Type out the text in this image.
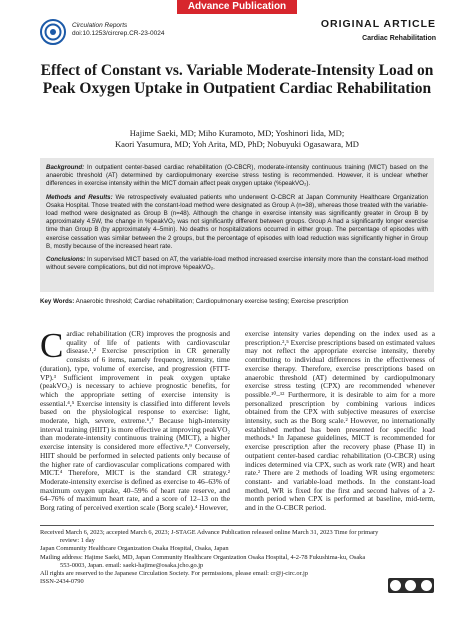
Advance Publication
Circulation Reports
doi:10.1253/circrep.CR-23-0024
ORIGINAL ARTICLE
Cardiac Rehabilitation
Effect of Constant vs. Variable Moderate-Intensity Load on Peak Oxygen Uptake in Outpatient Cardiac Rehabilitation
Hajime Saeki, MD; Miho Kuramoto, MD; Yoshinori Iida, MD;
Kaori Yasumura, MD; Yoh Arita, MD, PhD; Nobuyuki Ogasawara, MD

Background: In outpatient center-based cardiac rehabilitation (O-CBCR), moderate-intensity continuous training (MICT) based on the anaerobic threshold (AT) determined by cardiopulmonary exercise stress testing is recommended. However, it is unclear whether differences in exercise intensity within the MICT domain affect peak oxygen uptake (%peakVO₂).

Methods and Results: We retrospectively evaluated patients who underwent O-CBCR at Japan Community Healthcare Organization Osaka Hospital. Those treated with the constant-load method were designated as Group A (n=38), whereas those treated with the variable-load method were designated as Group B (n=48). Although the change in exercise intensity was significantly greater in Group B by approximately 4.5W, the change in %peakVO₂ was not significantly different between groups. Group A had a significantly longer exercise time than Group B (by approximately 4–5min). No deaths or hospitalizations occurred in either group. The percentage of episodes with exercise cessation was similar between the 2 groups, but the percentage of episodes with load reduction was significantly higher in Group B, mostly because of the increased heart rate.

Conclusions: In supervised MICT based on AT, the variable-load method increased exercise intensity more than the constant-load method without severe complications, but did not improve %peakVO₂.

Key Words: Anaerobic threshold; Cardiac rehabilitation; Cardiopulmonary exercise testing; Exercise prescription

Cardiac rehabilitation (CR) improves the prognosis and quality of life of patients with cardiovascular disease.¹,² Exercise prescription in CR generally consists of 6 items, namely frequency, intensity, time (duration), type, volume of exercise, and progression (FITT-VP).³ Sufficient improvement in peak oxygen uptake (peakVO₂) is necessary to achieve prognostic benefits, for which the appropriate setting of exercise intensity is essential.⁴,⁵ Exercise intensity is classified into different levels based on the physiological response to exercise: light, moderate, high, severe, extreme.⁶,⁷ Because high-intensity interval training (HIIT) is more effective at improving peakVO₂ than moderate-intensity continuous training (MICT), a higher exercise intensity is considered more effective.⁸,⁹ Conversely, HIIT should be performed in selected patients only because of the higher rate of cardiovascular complications compared with MICT.⁴ Therefore, MICT is the standard CR strategy.² Moderate-intensity exercise is defined as exercise to 46–63% of maximum oxygen uptake, 40–59% of heart rate reserve, and 64–76% of maximum heart rate, and a score of 12–13 on the Borg rating of perceived exertion scale (Borg scale).⁴ However,

exercise intensity varies depending on the index used as a prescription.²,⁵ Exercise prescriptions based on estimated values may not reflect the appropriate exercise intensity, thereby contributing to individual differences in the effectiveness of exercise therapy. Therefore, exercise prescriptions based on anaerobic threshold (AT) determined by cardiopulmonary exercise stress testing (CPX) are recommended whenever possible.¹⁰–¹² Furthermore, it is desirable to aim for a more personalized prescription by combining various indices obtained from the CPX with subjective measures of exercise intensity, such as the Borg scale.² However, no internationally established method has been presented for specific load methods.⁶ In Japanese guidelines, MICT is recommended for exercise prescription after the recovery phase (Phase II) in outpatient center-based cardiac rehabilitation (O-CBCR) using indices determined via CPX, such as work rate (WR) and heart rate.² There are 2 methods of loading WR using ergometers: constant- and variable-load methods. In the constant-load method, WR is fixed for the first and second halves of a 2-month period when CPX is performed at baseline, mid-term, and in the O-CBCR period.

Received March 6, 2023; accepted March 6, 2023; J-STAGE Advance Publication released online March 31, 2023 Time for primary

review: 1 day

Japan Community Healthcare Organization Osaka Hospital, Osaka, Japan

Mailing address: Hajime Saeki, MD, Japan Community Healthcare Organization Osaka Hospital, 4-2-78 Fukushima-ku, Osaka

553-0003, Japan. email: saeki-hajime@osaka.jcho.go.jp

All rights are reserved to the Japanese Circulation Society. For permissions, please email: cr@j-circ.or.jp

ISSN-2434-0790
